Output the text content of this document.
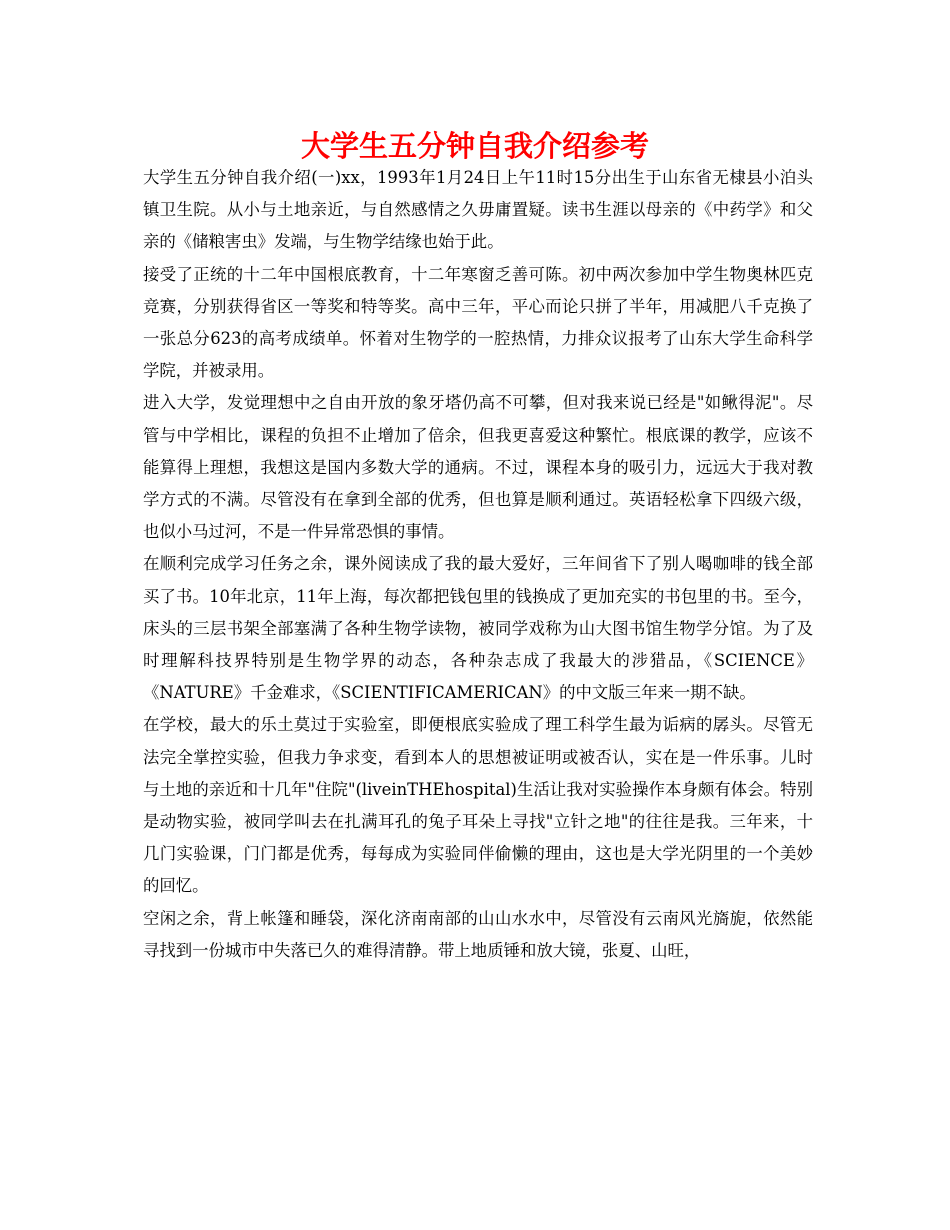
大学生五分钟自我介绍参考

大学生五分钟自我介绍(一)xx，1993年1月24日上午11时15分出生于山东省无棣县小泊头镇卫生院。从小与土地亲近，与自然感情之久毋庸置疑。读书生涯以母亲的《中药学》和父亲的《储粮害虫》发端，与生物学结缘也始于此。

接受了正统的十二年中国根底教育，十二年寒窗乏善可陈。初中两次参加中学生物奥林匹克竞赛，分别获得省区一等奖和特等奖。高中三年，平心而论只拼了半年，用减肥八千克换了一张总分623的高考成绩单。怀着对生物学的一腔热情，力排众议报考了山东大学生命科学学院，并被录用。

进入大学，发觉理想中之自由开放的象牙塔仍高不可攀，但对我来说已经是"如鳅得泥"。尽管与中学相比，课程的负担不止增加了倍余，但我更喜爱这种繁忙。根底课的教学，应该不能算得上理想，我想这是国内多数大学的通病。不过，课程本身的吸引力，远远大于我对教学方式的不满。尽管没有在拿到全部的优秀，但也算是顺利通过。英语轻松拿下四级六级，也似小马过河，不是一件异常恐惧的事情。

在顺利完成学习任务之余，课外阅读成了我的最大爱好，三年间省下了别人喝咖啡的钱全部买了书。10年北京，11年上海，每次都把钱包里的钱换成了更加充实的书包里的书。至今，床头的三层书架全部塞满了各种生物学读物，被同学戏称为山大图书馆生物学分馆。为了及时理解科技界特别是生物学界的动态，各种杂志成了我最大的涉猎品，《SCIENCE》《NATURE》千金难求，《SCIENTIFICAMERICAN》的中文版三年来一期不缺。

在学校，最大的乐土莫过于实验室，即便根底实验成了理工科学生最为诟病的孱头。尽管无法完全掌控实验，但我力争求变，看到本人的思想被证明或被否认，实在是一件乐事。儿时与土地的亲近和十几年"住院"(liveinTHEhospital)生活让我对实验操作本身颇有体会。特别是动物实验，被同学叫去在扎满耳孔的兔子耳朵上寻找"立针之地"的往往是我。三年来，十几门实验课，门门都是优秀，每每成为实验同伴偷懒的理由，这也是大学光阴里的一个美妙的回忆。

空闲之余，背上帐篷和睡袋，深化济南南部的山山水水中，尽管没有云南风光旖旎，依然能寻找到一份城市中失落已久的难得清静。带上地质锤和放大镜，张夏、山旺，
